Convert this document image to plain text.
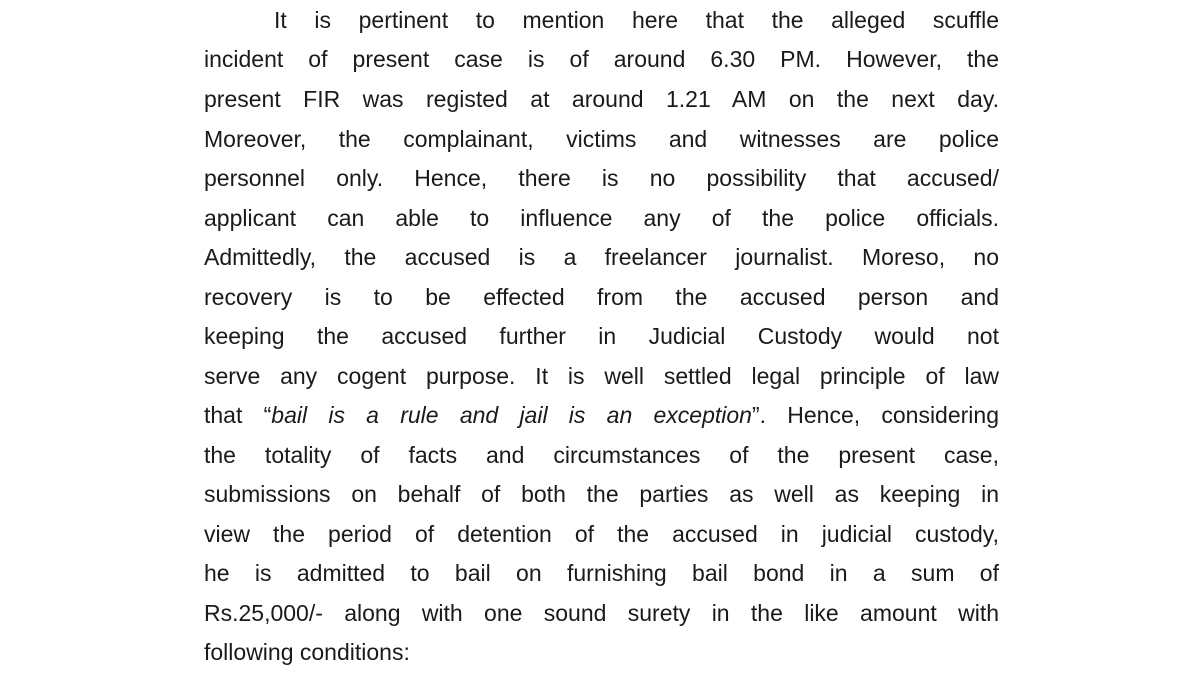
It is pertinent to mention here that the alleged scuffle
incident of present case is of around 6.30 PM. However, the
present FIR was registed at around 1.21 AM on the next day.
Moreover, the complainant, victims and witnesses are police
personnel only. Hence, there is no possibility that accused/
applicant can able to influence any of the police officials.
Admittedly, the accused is a freelancer journalist. Moreso, no
recovery is to be effected from the accused person and
keeping the accused further in Judicial Custody would not
serve any cogent purpose. It is well settled legal principle of law
that “bail is a rule and jail is an exception”. Hence, considering
the totality of facts and circumstances of the present case,
submissions on behalf of both the parties as well as keeping in
view the period of detention of the accused in judicial custody,
he is admitted to bail on furnishing bail bond in a sum of
Rs.25,000/- along with one sound surety in the like amount with
following conditions:
